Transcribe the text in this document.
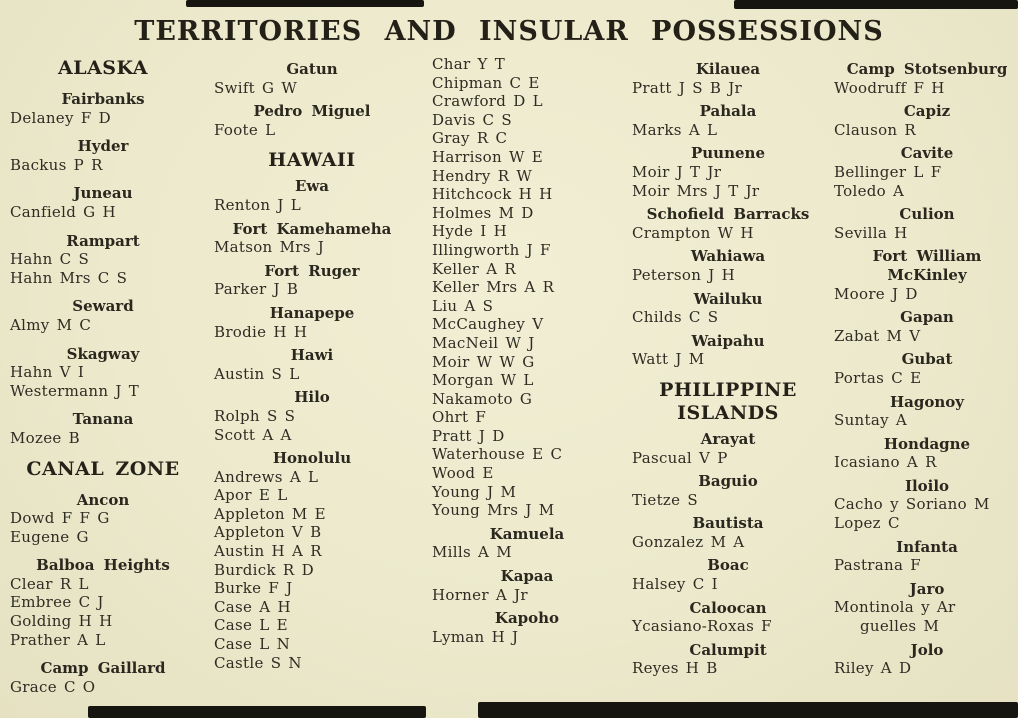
TERRITORIES AND INSULAR POSSESSIONS
ALASKA
Fairbanks
Delaney F D
Hyder
Backus P R
Juneau
Canfield G H
Rampart
Hahn C S
Hahn Mrs C S
Seward
Almy M C
Skagway
Hahn V I
Westermann J T
Tanana
Mozee B
CANAL ZONE
Ancon
Dowd F F G
Eugene G
Balboa Heights
Clear R L
Embree C J
Golding H H
Prather A L
Camp Gaillard
Grace C O
Gatun
Swift G W
Pedro Miguel
Foote L
HAWAII
Ewa
Renton J L
Fort Kamehameha
Matson Mrs J
Fort Ruger
Parker J B
Hanapepe
Brodie H H
Hawi
Austin S L
Hilo
Rolph S S
Scott A A
Honolulu
Andrews A L
Apor E L
Appleton M E
Appleton V B
Austin H A R
Burdick R D
Burke F J
Case A H
Case L E
Case L N
Castle S N
Char Y T
Chipman C E
Crawford D L
Davis C S
Gray R C
Harrison W E
Hendry R W
Hitchcock H H
Holmes M D
Hyde I H
Illingworth J F
Keller A R
Keller Mrs A R
Liu A S
McCaughey V
MacNeil W J
Moir W W G
Morgan W L
Nakamoto G
Ohrt F
Pratt J D
Waterhouse E C
Wood E
Young J M
Young Mrs J M
Kamuela
Mills A M
Kapaa
Horner A Jr
Kapoho
Lyman H J
Kilauea
Pratt J S B Jr
Pahala
Marks A L
Puunene
Moir J T Jr
Moir Mrs J T Jr
Schofield Barracks
Crampton W H
Wahiawa
Peterson J H
Wailuku
Childs C S
Waipahu
Watt J M
PHILIPPINE ISLANDS
Arayat
Pascual V P
Baguio
Tietze S
Bautista
Gonzalez M A
Boac
Halsey C I
Caloocan
Ycasiano-Roxas F
Calumpit
Reyes H B
Camp Stotsenburg
Woodruff F H
Capiz
Clauson R
Cavite
Bellinger L F
Toledo A
Culion
Sevilla H
Fort William McKinley
Moore J D
Gapan
Zabat M V
Gubat
Portas C E
Hagonoy
Suntay A
Hondagne
Icasiano A R
Iloilo
Cacho y Soriano M
Lopez C
Infanta
Pastrana F
Jaro
Montinola y Ar
guelles M
Jolo
Riley A D
